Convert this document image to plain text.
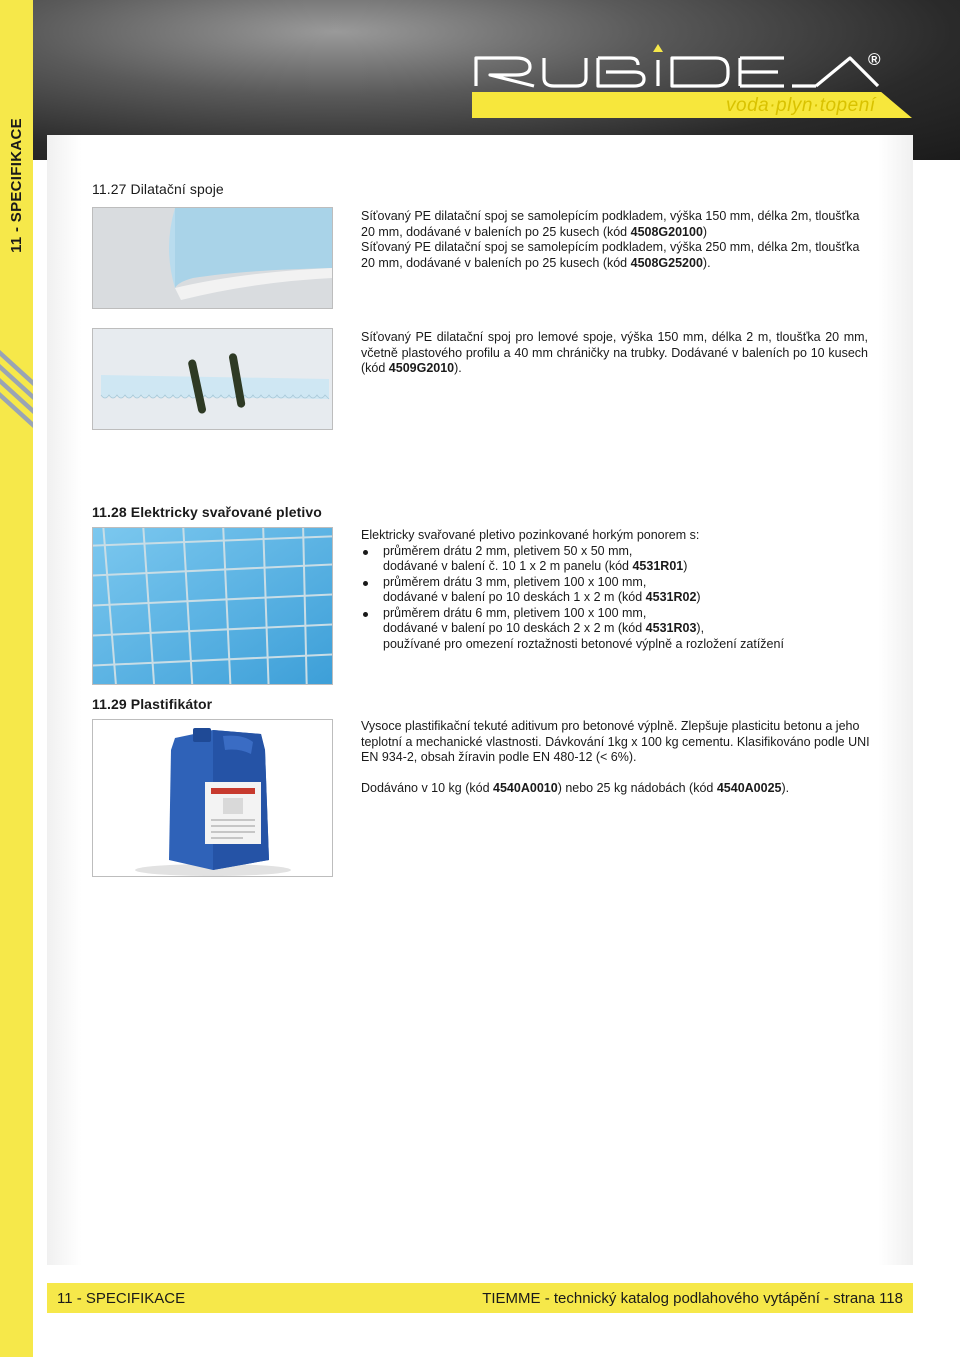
®
voda·plyn·topení
11 - SPECIFIKACE	11.27 Dilatační spoje
Síťovaný PE dilatační spoj se samolepícím podkladem, výška 150 mm, délka 2m, tloušťka 20 mm, dodávané v baleních po 25 kusech (kód 4508G20100)
Síťovaný PE dilatační spoj se samolepícím podkladem, výška 250 mm, délka 2m, tloušťka 20 mm, dodávané v baleních po 25 kusech (kód 4508G25200).
Síťovaný PE dilatační spoj pro lemové spoje, výška 150 mm, délka 2 m, tloušťka 20 mm, včetně plastového profilu a 40 mm chráničky na trubky. Dodávané v baleních po 10 kusech (kód 4509G2010).
11.28 Elektricky svařované pletivo
Elektricky svařované pletivo pozinkované horkým ponorem s:
průměrem drátu 2 mm, pletivem 50 x 50 mm,
dodávané v balení č. 10 1 x 2 m panelu (kód 4531R01)
průměrem drátu 3 mm, pletivem 100 x 100 mm,
dodávané v balení po 10 deskách 1 x 2 m (kód 4531R02)
průměrem drátu 6 mm, pletivem 100 x 100 mm,
dodávané v balení po 10 deskách 2 x 2 m (kód 4531R03),
používané pro omezení roztažnosti betonové výplně a rozložení zatížení
11.29 Plastifikátor
Vysoce plastifikační tekuté aditivum pro betonové výplně. Zlepšuje plasticitu betonu a jeho teplotní a mechanické vlastnosti. Dávkování 1kg x 100 kg cementu. Klasifikováno podle UNI EN 934-2, obsah žíravin podle EN 480-12 (< 6%).
Dodáváno v 10 kg (kód 4540A0010) nebo 25 kg nádobách (kód 4540A0025).
11 - SPECIFIKACE	TIEMME - technický katalog podlahového vytápění - strana 118
